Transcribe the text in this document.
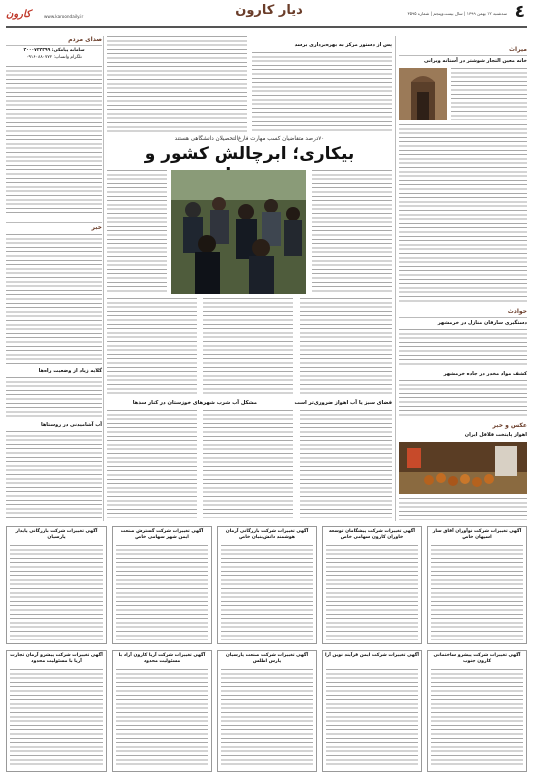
٤
سه‌شنبه ۱۲ بهمن ۱۳۹۹ | سال بیست‌وپنجم | شماره ۳۵۹۵
دیار کارون
www.karoondaily.ir
کارون
صدای مردم
سامانه پیامکی: ۳۰۰۰۷۲۲۳۹۹
تلگرام واتساپ: ۰۹۱۶۰۸۸۰۷۷۲
خبر
گلایه زیاد از وضعیت راه‌ها
آب آشامیدنی در روستاها
پس از دستور مرکز به بهره‌برداری برسد
۷۰درصد متقاضیان کسب مهارت فارغ‌التحصیلان دانشگاهی هستند
بیکاری؛ ابرچالش کشور و
مشکل آب شرب شهرهای خوزستان در کنار سدها	فضای سبز یا آب اهواز ضروری‌تر است
میراث
خانه معین التجار شوشتر در آستانه ویرانی
حوادث
دستگیری سارقان منازل در خرمشهر
کشف مواد مخدر در جاده خرمشهر
عکس و خبر
اهواز پایتخت فلافل ایران
آگهی تغییرات شرکت نوآوران آفاق ساز اسپهان خاص
آگهی تغییرات شرکت پیشگامان توسعه خاوران کارون سهامی خاص
آگهی تغییرات شرکت بازرگانی آرمان هوشمند دانش‌بنیان خاص
آگهی تغییرات شرکت گسترش صنعت ایمن شهر سهامی خاص
آگهی تغییرات شرکت بازرگانی پایدار پارسیان
آگهی تغییرات شرکت پیشرو ساختمانی کارون جنوب
آگهی تغییرات شرکت ایمن فرآیند نوین آرا
آگهی تغییرات شرکت صنعت پارسیان پارس اطلس
آگهی تغییرات شرکت آریا کارون آراد با مسئولیت محدود
آگهی تغییرات شرکت پیشرو آرمان تجارت آریا با مسئولیت محدود
